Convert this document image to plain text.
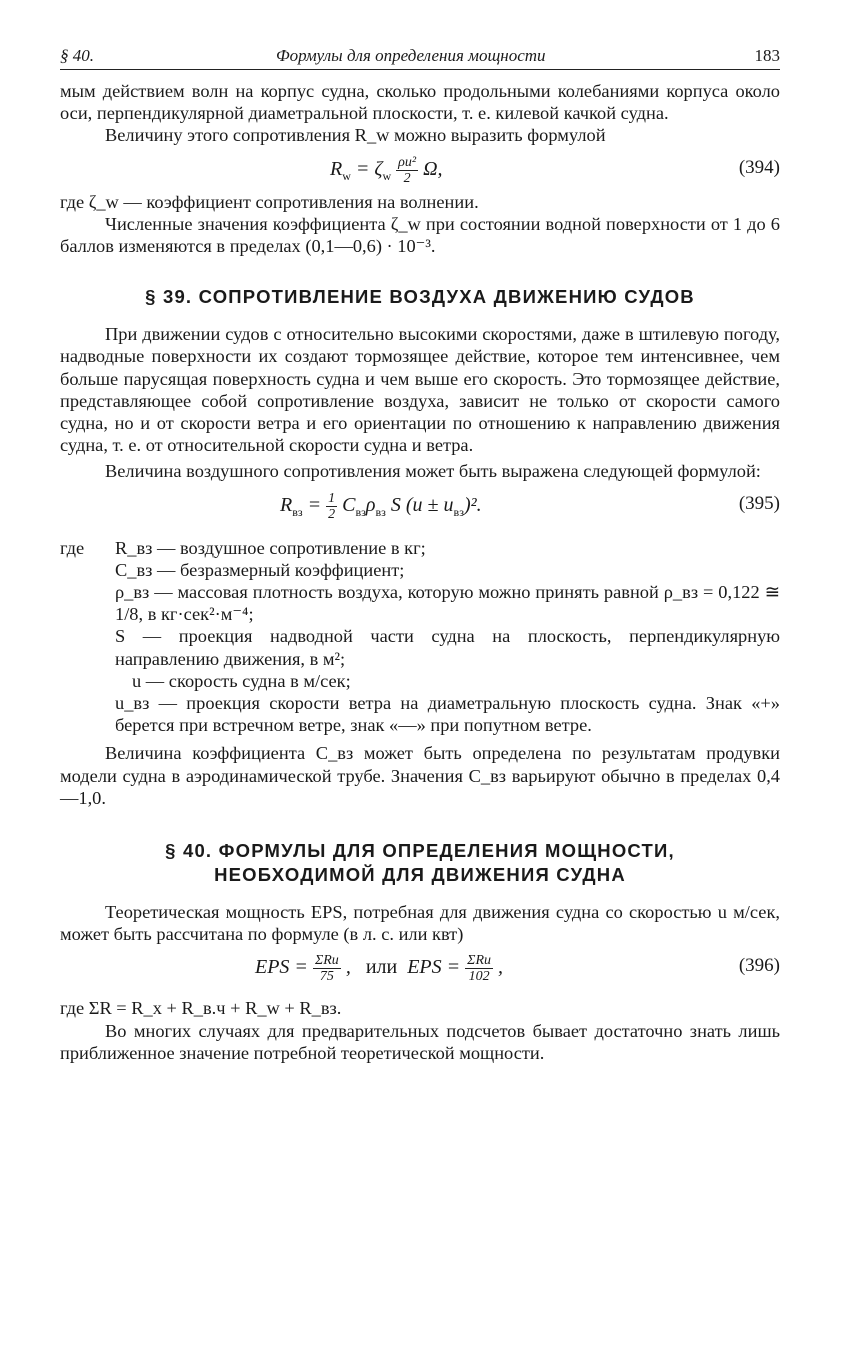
§ 40.	Формулы для определения мощности	183

мым действием волн на корпус судна, сколько продольными колебаниями корпуса около оси, перпендикулярной диаметральной плоскости, т. е. килевой качкой судна.

Величину этого сопротивления R_w можно выразить формулой

$R_w = \zeta_w \frac{\text{ρu²}}{2} \Omega$,	(394)

где ζ_w — коэффициент сопротивления на волнении.

Численные значения коэффициента ζ_w при состоянии водной поверхности от 1 до 6 баллов изменяются в пределах (0,1—0,6) · 10⁻³.

§ 39. СОПРОТИВЛЕНИЕ ВОЗДУХА ДВИЖЕНИЮ СУДОВ

При движении судов с относительно высокими скоростями, даже в штилевую погоду, надводные поверхности их создают тормозящее действие, которое тем интенсивнее, чем больше парусящая поверхность судна и чем выше его скорость. Это тормозящее действие, представляющее собой сопротивление воздуха, зависит не только от скорости самого судна, но и от скорости ветра и его ориентации по отношению к направлению движения судна, т. е. от относительной скорости судна и ветра.

Величина воздушного сопротивления может быть выражена следующей формулой:

$R_{вз} = \frac{1}{2} C_{вз}\rho_{вз}$ S $(u \pm u_{вз})^2$.	(395)
где	R_вз — воздушное сопротивление в кг;
C_вз — безразмерный коэффициент;
ρ_вз — массовая плотность воздуха, которую можно принять равной ρ_вз = 0,122 ≅ 1/8, в кг·сек²·м⁻⁴;
S — проекция надводной части судна на плоскость, перпендикулярную направлению движения, в м²;
u — скорость судна в м/сек;
u_вз — проекция скорости ветра на диаметральную плоскость судна. Знак «+» берется при встречном ветре, знак «—» при попутном ветре.

Величина коэффициента C_вз может быть определена по результатам продувки модели судна в аэродинамической трубе. Значения C_вз варьируют обычно в пределах 0,4—1,0.

§ 40. ФОРМУЛЫ ДЛЯ ОПРЕДЕЛЕНИЯ МОЩНОСТИ,
НЕОБХОДИМОЙ ДЛЯ ДВИЖЕНИЯ СУДНА

Теоретическая мощность EPS, потребная для движения судна со скоростью u м/сек, может быть рассчитана по формуле (в л. с. или квт)

EPS = $\frac{\text{ΣRu}}{75}$ ,   или  EPS = $\frac{\text{ΣRu}}{102}$ ,	(396)

где ΣR = R_x + R_в.ч + R_w + R_вз.

Во многих случаях для предварительных подсчетов бывает достаточно знать лишь приближенное значение потребной теоретической мощности.
